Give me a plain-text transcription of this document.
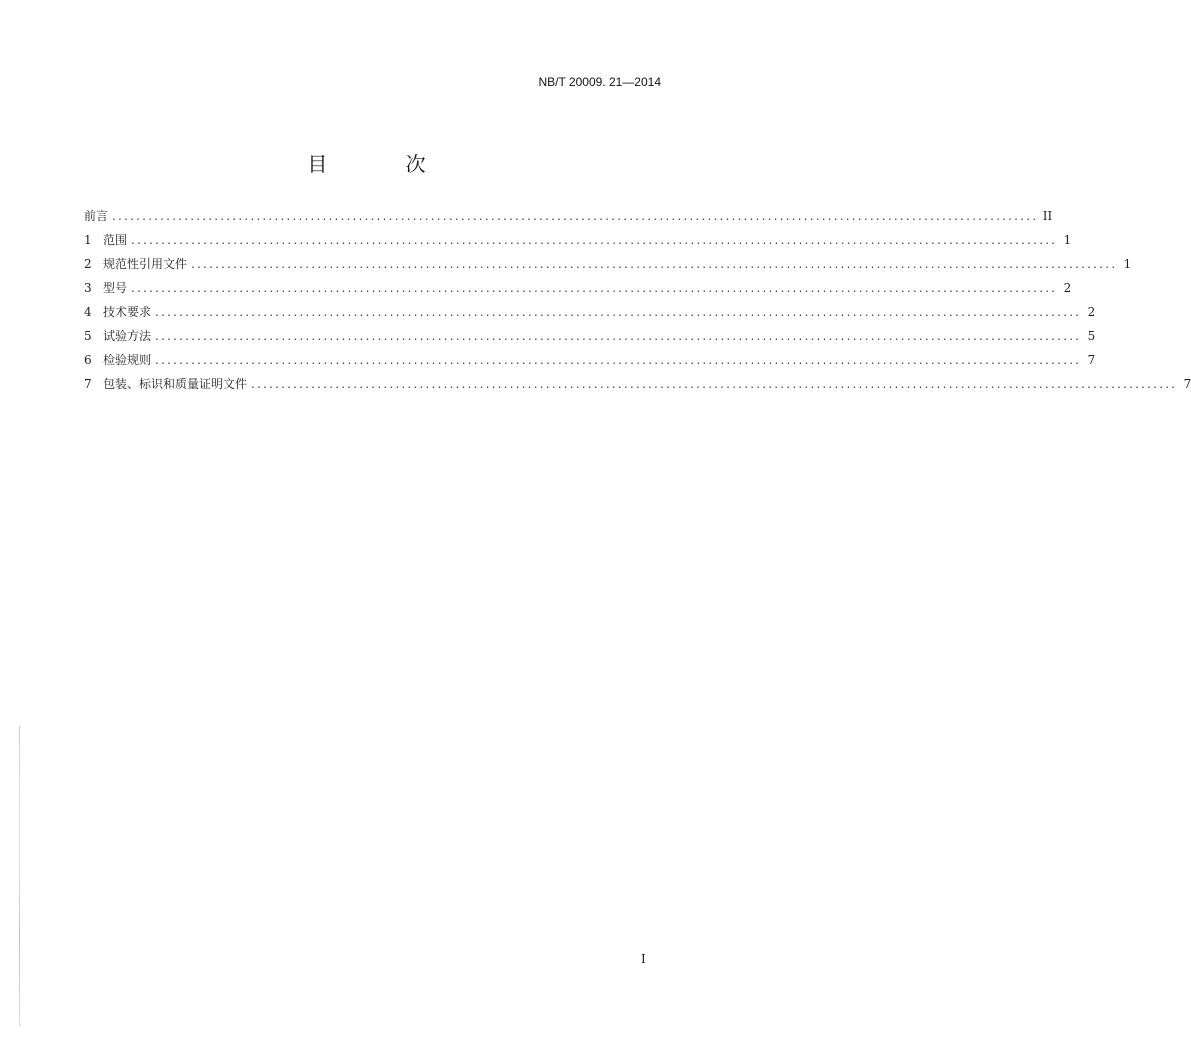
NB/T 20009. 21—2014
目 次
前言 .......................................................................................................................................................... II
1 范围 .......................................................................................................................................................... 1
2 规范性引用文件 .......................................................................................................................................................... 1
3 型号 .......................................................................................................................................................... 2
4 技术要求 .......................................................................................................................................................... 2
5 试验方法 .......................................................................................................................................................... 5
6 检验规则 .......................................................................................................................................................... 7
7 包装、标识和质量证明文件 .......................................................................................................................................................... 7
I
